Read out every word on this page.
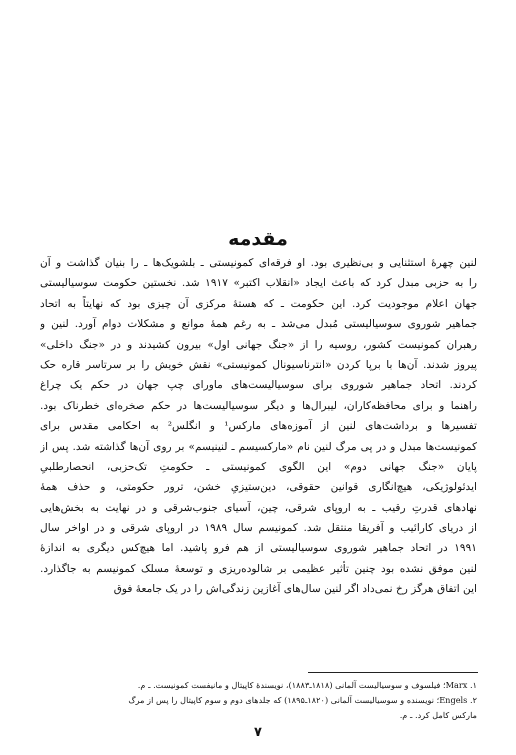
مقدمه
لنین چهرهٔ استثنایی و بی‌نظیری بود. او فرقه‌ای کمونیستی ـ بلشویک‌ها ـ را بنیان گذاشت و آن
را به حزبی مبدل کرد که باعث ایجاد «انقلاب اکتبر» ۱۹۱۷ شد. نخستین حکومت سوسیالیستی
جهان اعلام موجودیت کرد. این حکومت ـ که هستهٔ مرکزی آن چیزی بود که نهایتاً به اتحاد
جماهیر شوروی سوسیالیستی مُبدل می‌شد ـ به رغم همهٔ موانع و مشکلات دوام آورد. لنین و
رهبران کمونیست کشور، روسیه را از «جنگ جهانی اول» بیرون کشیدند و در «جنگ داخلی»
پیروز شدند. آن‌ها با برپا کردن «انترناسیونال کمونیستی» نقش خویش را بر سرتاسر قاره حک
کردند. اتحاد جماهیر شوروی برای سوسیالیست‌های ماورای چپ جهان در حکم یک چراغ
راهنما و برای محافظه‌کاران، لیبرال‌ها و دیگر سوسیالیست‌ها در حکم صخره‌ای خطرناک بود.
تفسیرها و برداشت‌های لنین از آموزه‌های مارکس¹ و انگلس² به احکامی مقدس برای
کمونیست‌ها مبدل و در پی مرگ لنین نام «مارکسیسم ـ لنینیسم» بر روی آن‌ها گذاشته شد. پس از
پایان «جنگ جهانی دوم» این الگوی کمونیستی ـ حکومتِ تک‌حزبی، انحصارطلبیِ
ایدئولوژیکی، هیچ‌انگاری قوانین حقوقی، دین‌ستیزیِ خشن، ترور حکومتی، و حذف همهٔ
نهادهای قدرتِ رقیب ـ به اروپای شرقی، چین، آسیای جنوب‌شرقی و در نهایت به بخش‌هایی
از دریای کارائیب و آفریقا منتقل شد. کمونیسم سال ۱۹۸۹ در اروپای شرقی و در اواخر سال
۱۹۹۱ در اتحاد جماهیر شوروی سوسیالیستی از هم فرو پاشید. اما هیچ‌کس دیگری به اندازهٔ
لنین موفق نشده بود چنین تأثیر عظیمی بر شالوده‌ریزی و توسعهٔ مسلک کمونیسم به جاگذارد.
این اتفاق هرگز رخ نمی‌داد اگر لنین سال‌های آغازین زندگی‌اش را در یک جامعهٔ فوق
۱. Marx؛ فیلسوف و سوسیالیست آلمانی (۱۸۱۸ـ۱۸۸۳)، نویسندهٔ کاپیتال و مانیفست کمونیست. ـ م.
۲. Engels؛ نویسنده و سوسیالیست آلمانی (۱۸۲۰ـ۱۸۹۵) که جلدهای دوم و سوم کاپیتال را پس از مرگ
مارکس کامل کرد. ـ م.
۷
